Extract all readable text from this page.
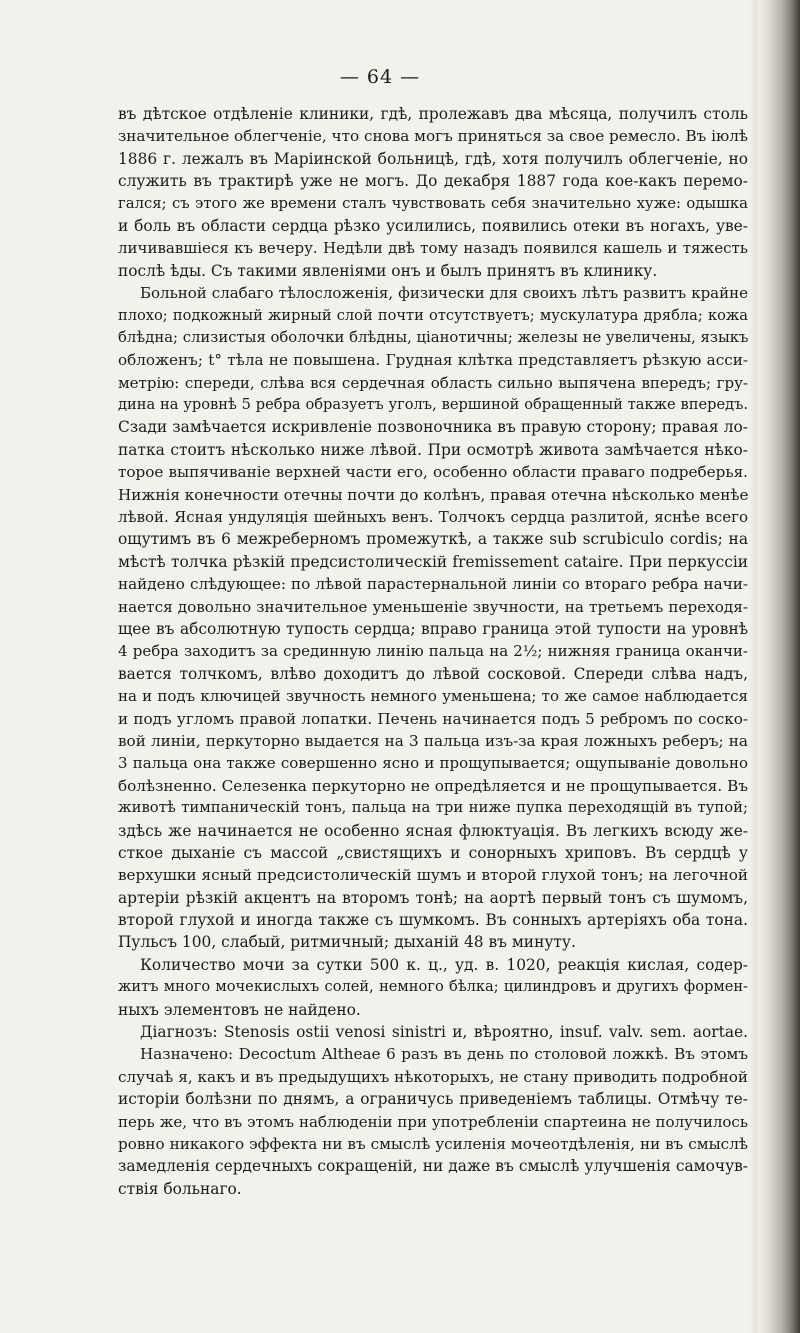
— 64 —
въ дѣтское отдѣленіе клиники, гдѣ, пролежавъ два мѣсяца, получилъ столь
значительное облегченіе, что снова могъ приняться за свое ремесло. Въ іюлѣ
1886 г. лежалъ въ Маріинской больницѣ, гдѣ, хотя получилъ облегченіе, но
служить въ трактирѣ уже не могъ. До декабря 1887 года кое-какъ перемо-
гался; съ этого же времени сталъ чувствовать себя значительно хуже: одышка
и боль въ области сердца рѣзко усилились, появились отеки въ ногахъ, уве-
личивавшіеся къ вечеру. Недѣли двѣ тому назадъ появился кашель и тяжесть
послѣ ѣды. Съ такими явленіями онъ и былъ принятъ въ клинику.
Больной слабаго тѣлосложенія, физически для своихъ лѣтъ развитъ крайне
плохо; подкожный жирный слой почти отсутствуетъ; мускулатура дрябла; кожа
блѣдна; слизистыя оболочки блѣдны, ціанотичны; железы не увеличены, языкъ
обложенъ; t° тѣла не повышена. Грудная клѣтка представляетъ рѣзкую асси-
метрію: спереди, слѣва вся сердечная область сильно выпячена впередъ; гру-
дина на уровнѣ 5 ребра образуетъ уголъ, вершиной обращенный также впередъ.
Сзади замѣчается искривленіе позвоночника въ правую сторону; правая ло-
патка стоитъ нѣсколько ниже лѣвой. При осмотрѣ живота замѣчается нѣко-
торое выпячиваніе верхней части его, особенно области праваго подреберья.
Нижнія конечности отечны почти до колѣнъ, правая отечна нѣсколько менѣе
лѣвой. Ясная ундуляція шейныхъ венъ. Толчокъ сердца разлитой, яснѣе всего
ощутимъ въ 6 межреберномъ промежуткѣ, а также sub scrubiculo cordis; на
мѣстѣ толчка рѣзкій предсистолическій fremissement cataire. При перкуссіи
найдено слѣдующее: по лѣвой парастернальной линіи со втораго ребра начи-
нается довольно значительное уменьшеніе звучности, на третьемъ переходя-
щее въ абсолютную тупость сердца; вправо граница этой тупости на уровнѣ
4 ребра заходитъ за срединную линію пальца на 2½; нижняя граница оканчи-
вается толчкомъ, влѣво доходитъ до лѣвой сосковой. Спереди слѣва надъ,
на и подъ ключицей звучность немного уменьшена; то же самое наблюдается
и подъ угломъ правой лопатки. Печень начинается подъ 5 ребромъ по соско-
вой линіи, перкуторно выдается на 3 пальца изъ-за края ложныхъ реберъ; на
3 пальца она также совершенно ясно и прощупывается; ощупываніе довольно
болѣзненно. Селезенка перкуторно не опредѣляется и не прощупывается. Въ
животѣ тимпаническій тонъ, пальца на три ниже пупка переходящій въ тупой;
здѣсь же начинается не особенно ясная флюктуація. Въ легкихъ всюду же-
сткое дыханіе съ массой „свистящихъ и сонорныхъ хриповъ. Въ сердцѣ у
верхушки ясный предсистолическій шумъ и второй глухой тонъ; на легочной
артеріи рѣзкій акцентъ на второмъ тонѣ; на аортѣ первый тонъ съ шумомъ,
второй глухой и иногда также съ шумкомъ. Въ сонныхъ артеріяхъ оба тона.
Пульсъ 100, слабый, ритмичный; дыханій 48 въ минуту.
Количество мочи за сутки 500 к. ц., уд. в. 1020, реакція кислая, содер-
житъ много мочекислыхъ солей, немного бѣлка; цилиндровъ и другихъ формен-
ныхъ элементовъ не найдено.
Діагнозъ: Stenosis ostii venosi sinistri и, вѣроятно, insuf. valv. sem. aortae.
Назначено: Decoctum Altheae 6 разъ въ день по столовой ложкѣ. Въ этомъ
случаѣ я, какъ и въ предыдущихъ нѣкоторыхъ, не стану приводить подробной
исторіи болѣзни по днямъ, а ограничусь приведеніемъ таблицы. Отмѣчу те-
перь же, что въ этомъ наблюденіи при употребленіи спартеина не получилось
ровно никакого эффекта ни въ смыслѣ усиленія мочеотдѣленія, ни въ смыслѣ
замедленія сердечныхъ сокращеній, ни даже въ смыслѣ улучшенія самочув-
ствія больнаго.
